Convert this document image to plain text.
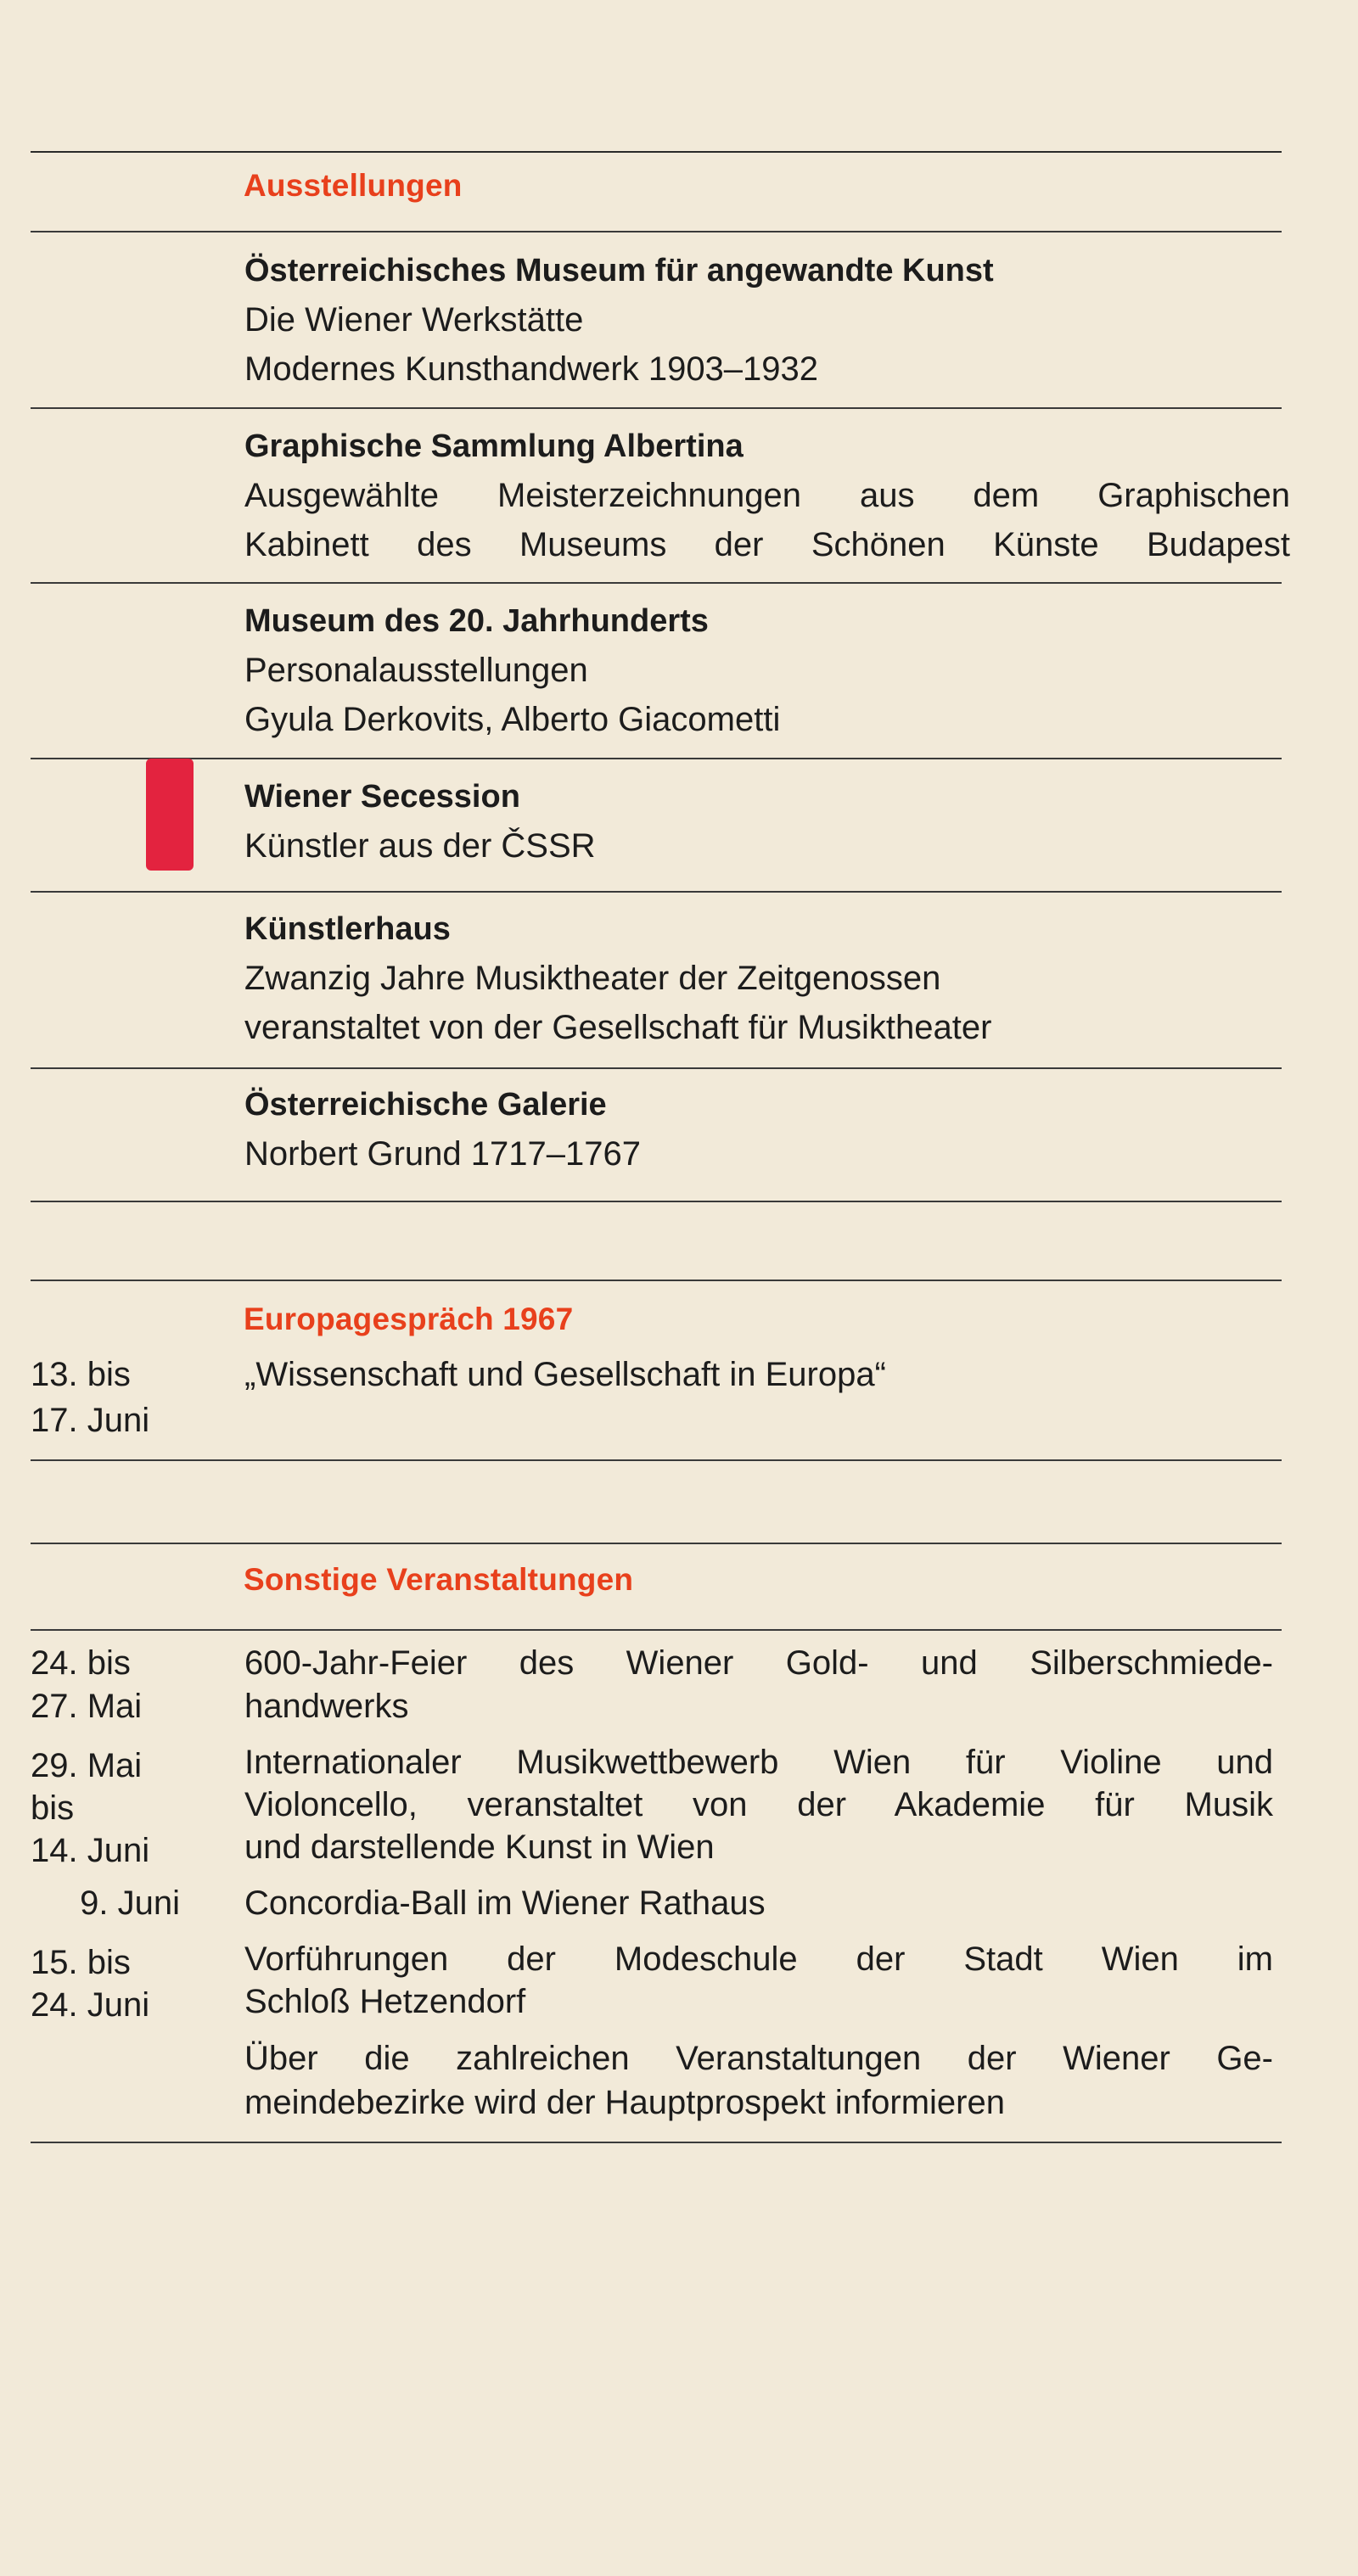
Ausstellungen
Österreichisches Museum für angewandte Kunst
Die Wiener Werkstätte
Modernes Kunsthandwerk 1903–1932
Graphische Sammlung Albertina
Ausgewählte Meisterzeichnungen aus dem Graphischen
Kabinett des Museums der Schönen Künste Budapest
Museum des 20. Jahrhunderts
Personalausstellungen
Gyula Derkovits, Alberto Giacometti
Wiener Secession
Künstler aus der ČSSR
Künstlerhaus
Zwanzig Jahre Musiktheater der Zeitgenossen
veranstaltet von der Gesellschaft für Musiktheater
Österreichische Galerie
Norbert Grund 1717–1767
Europagespräch 1967
13. bis
17. Juni
„Wissenschaft und Gesellschaft in Europa“
Sonstige Veranstaltungen
24. bis
27. Mai
600-Jahr-Feier des Wiener Gold- und Silberschmiede-
handwerks
29. Mai
bis
14. Juni
Internationaler Musikwettbewerb Wien für Violine und
Violoncello, veranstaltet von der Akademie für Musik
und darstellende Kunst in Wien
9. Juni Concordia-Ball im Wiener Rathaus
15. bis
24. Juni
Vorführungen der Modeschule der Stadt Wien im
Schloß Hetzendorf
Über die zahlreichen Veranstaltungen der Wiener Ge-
meindebezirke wird der Hauptprospekt informieren
